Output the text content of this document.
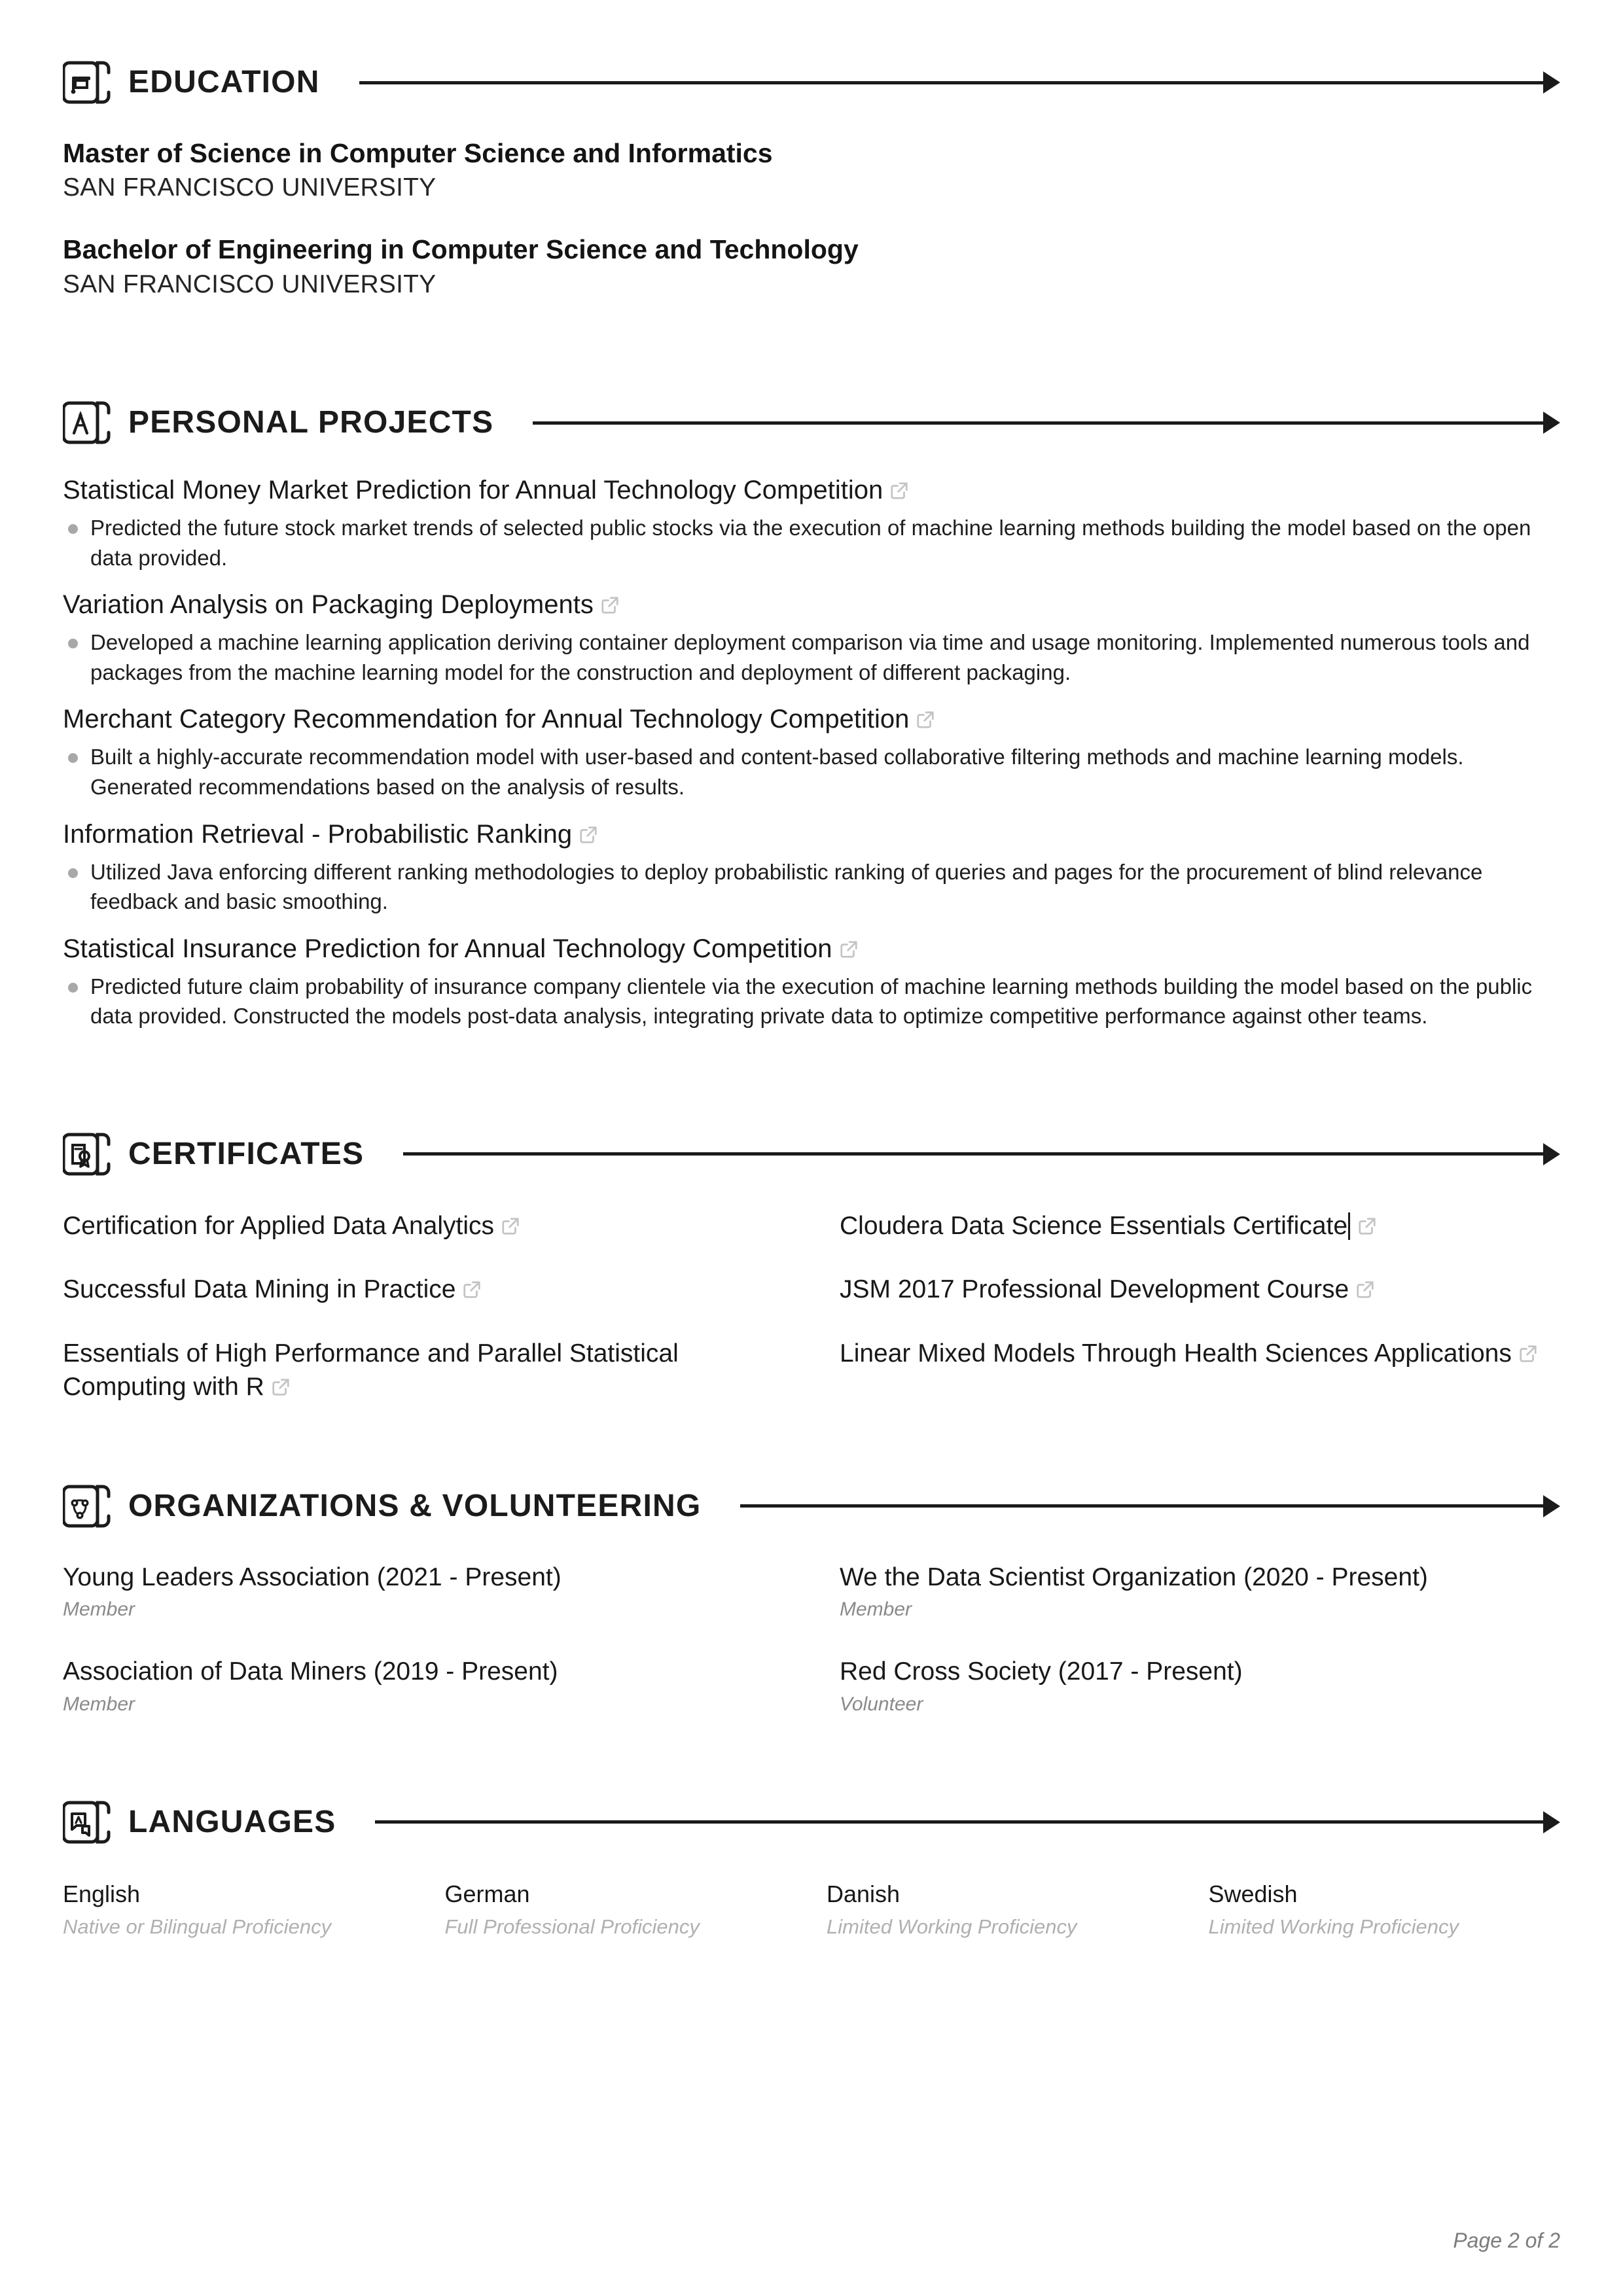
EDUCATION
Master of Science in Computer Science and Informatics
SAN FRANCISCO UNIVERSITY
Bachelor of Engineering in Computer Science and Technology
SAN FRANCISCO UNIVERSITY
PERSONAL PROJECTS
Statistical Money Market Prediction for Annual Technology Competition
Predicted the future stock market trends of selected public stocks via the execution of machine learning methods building the model based on the open data provided.
Variation Analysis on Packaging Deployments
Developed a machine learning application deriving container deployment comparison via time and usage monitoring. Implemented numerous tools and packages from the machine learning model for the construction and deployment of different packaging.
Merchant Category Recommendation for Annual Technology Competition
Built a highly-accurate recommendation model with user-based and content-based collaborative filtering methods and machine learning models. Generated recommendations based on the analysis of results.
Information Retrieval - Probabilistic Ranking
Utilized Java enforcing different ranking methodologies to deploy probabilistic ranking of queries and pages for the procurement of blind relevance feedback and basic smoothing.
Statistical Insurance Prediction for Annual Technology Competition
Predicted future claim probability of insurance company clientele via the execution of machine learning methods building the model based on the public data provided. Constructed the models post-data analysis, integrating private data to optimize competitive performance against other teams.
CERTIFICATES
Certification for Applied Data Analytics	Cloudera Data Science Essentials Certificate
Successful Data Mining in Practice	JSM 2017 Professional Development Course
Essentials of High Performance and Parallel Statistical Computing with R
Linear Mixed Models Through Health Sciences Applications
ORGANIZATIONS & VOLUNTEERING
Young Leaders Association (2021 - Present)
Member
We the Data Scientist Organization (2020 - Present)
Member
Association of Data Miners (2019 - Present)
Member
Red Cross Society (2017 - Present)
Volunteer
LANGUAGES
English
Native or Bilingual Proficiency
German
Full Professional Proficiency
Danish
Limited Working Proficiency
Swedish
Limited Working Proficiency
Page 2 of 2
